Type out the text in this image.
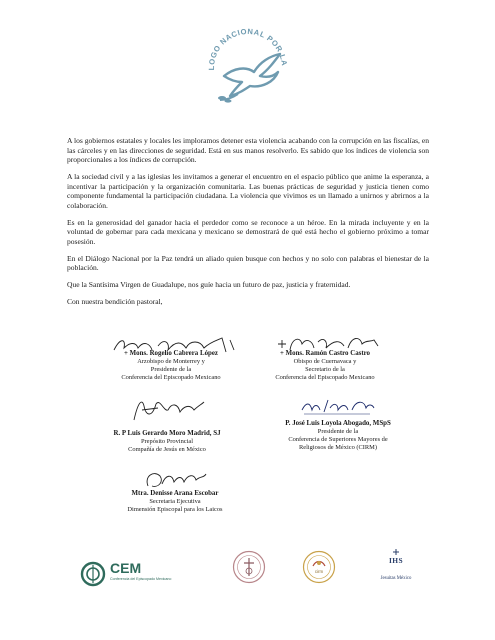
LOGO NACIONAL POR LA

A los gobiernos estatales y locales les imploramos detener esta violencia acabando con la corrupción en las fiscalías, en las cárceles y en las direcciones de seguridad. Está en sus manos resolverlo. Es sabido que los índices de violencia son proporcionales a los índices de corrupción.

A la sociedad civil y a las iglesias les invitamos a generar el encuentro en el espacio público que anime la esperanza, a incentivar la participación y la organización comunitaria. Las buenas prácticas de seguridad y justicia tienen como componente fundamental la participación ciudadana. La violencia que vivimos es un llamado a unirnos y abrirnos a la colaboración.

Es en la generosidad del ganador hacia el perdedor como se reconoce a un héroe. En la mirada incluyente y en la voluntad de gobernar para cada mexicana y mexicano se demostrará de qué está hecho el gobierno próximo a tomar posesión.

En el Diálogo Nacional por la Paz tendrá un aliado quien busque con hechos y no solo con palabras el bienestar de la población.

Que la Santísima Virgen de Guadalupe, nos guíe hacia un futuro de paz, justicia y fraternidad.

Con nuestra bendición pastoral,

+ Mons. Rogelio Cabrera López
Arzobispo de Monterrey y
Presidente de la
Conferencia del Episcopado Mexicano
+ Mons. Ramón Castro Castro
Obispo de Cuernavaca y
Secretario de la
Conferencia del Episcopado Mexicano
R. P Luis Gerardo Moro Madrid, SJ
Prepósito Provincial
Compañía de Jesús en México
P. José Luis Loyola Abogado, MSpS
Presidente de la
Conferencia de Superiores Mayores de
Religiosos de México (CIRM)
Mtra. Denisse Arana Escobar
Secretaria Ejecutiva
Dimensión Episcopal para los Laicos
CEM
Conferencia del Episcopado Mexicano
cirm
IHS
Jesuitas México
